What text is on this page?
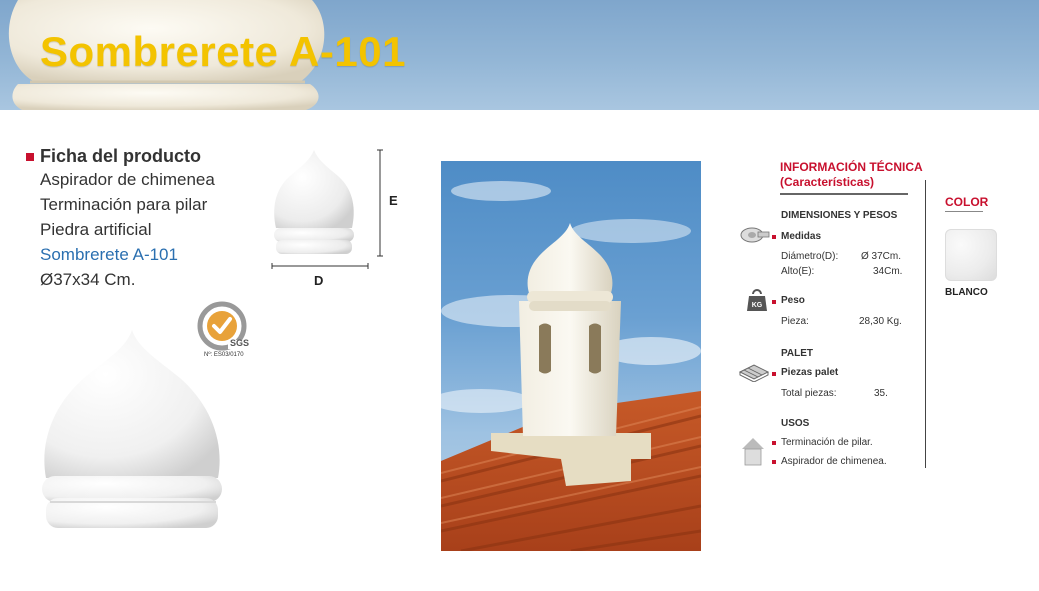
Sombrerete A-101
Ficha del producto
Aspirador de chimenea
Terminación para pilar
Piedra artificial
Sombrerete A-101
Ø37x34 Cm.
E
D
SGS
Nº: ES03/0170
INFORMACIÓN TÉCNICA
(Características)
DIMENSIONES Y PESOS
Medidas
Diámetro(D): Ø 37Cm.
Alto(E):	34Cm.
KG Peso
Pieza:	28,30 Kg.
PALET
Piezas palet
Total piezas:	35.
USOS
Terminación de pilar.
Aspirador de chimenea.
COLOR
BLANCO
